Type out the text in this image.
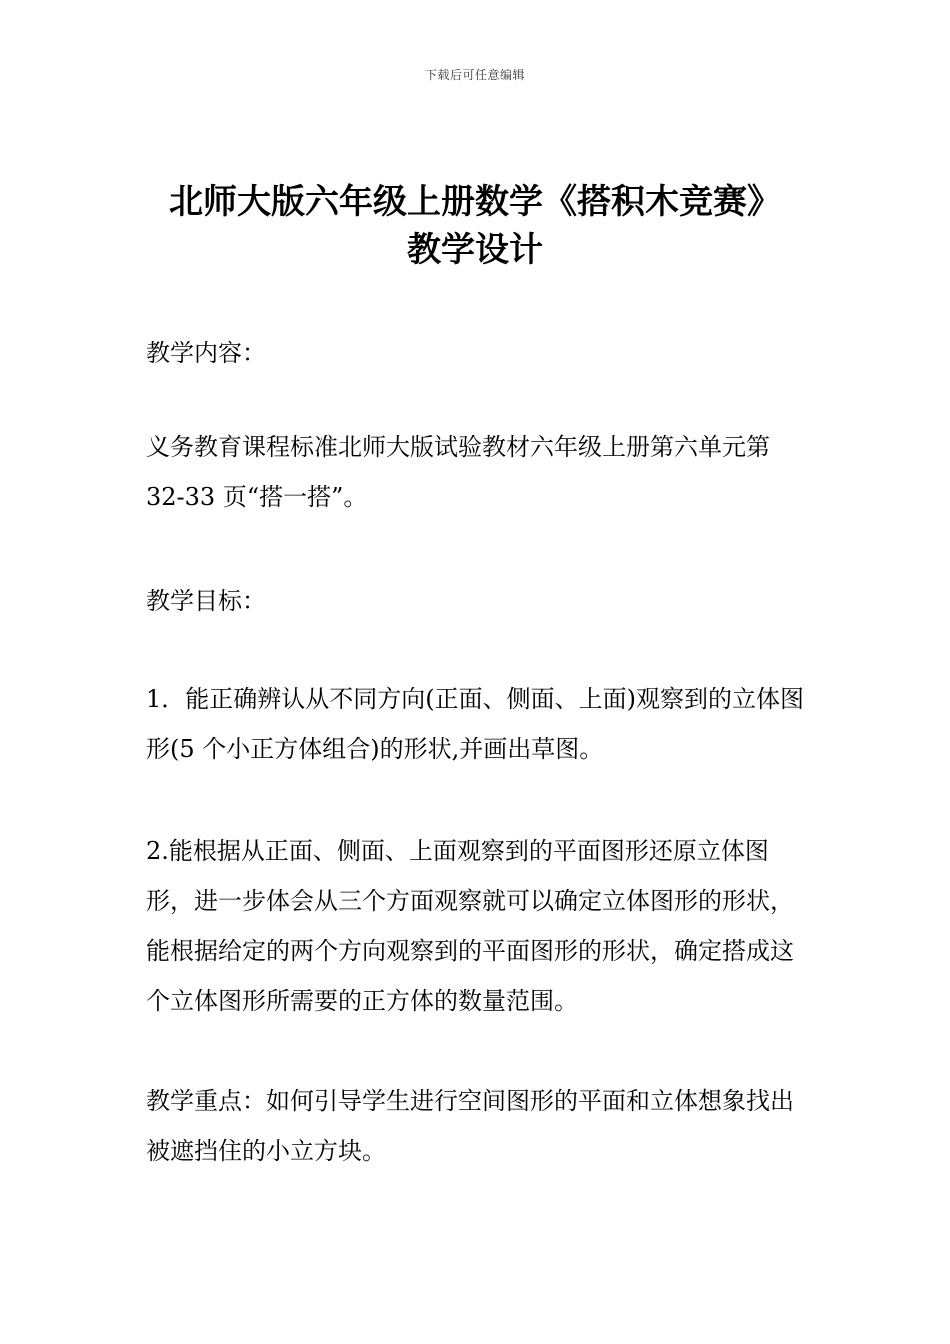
下载后可任意编辑
北师大版六年级上册数学《搭积木竞赛》
教学设计

教学内容：

义务教育课程标准北师大版试验教材六年级上册第六单元第 32-33 页“搭一搭”。

教学目标：

1．能正确辨认从不同方向(正面、侧面、上面)观察到的立体图形(5 个小正方体组合)的形状,并画出草图。

2.能根据从正面、侧面、上面观察到的平面图形还原立体图形，进一步体会从三个方面观察就可以确定立体图形的形状，能根据给定的两个方向观察到的平面图形的形状，确定搭成这个立体图形所需要的正方体的数量范围。

教学重点：如何引导学生进行空间图形的平面和立体想象找出被遮挡住的小立方块。
